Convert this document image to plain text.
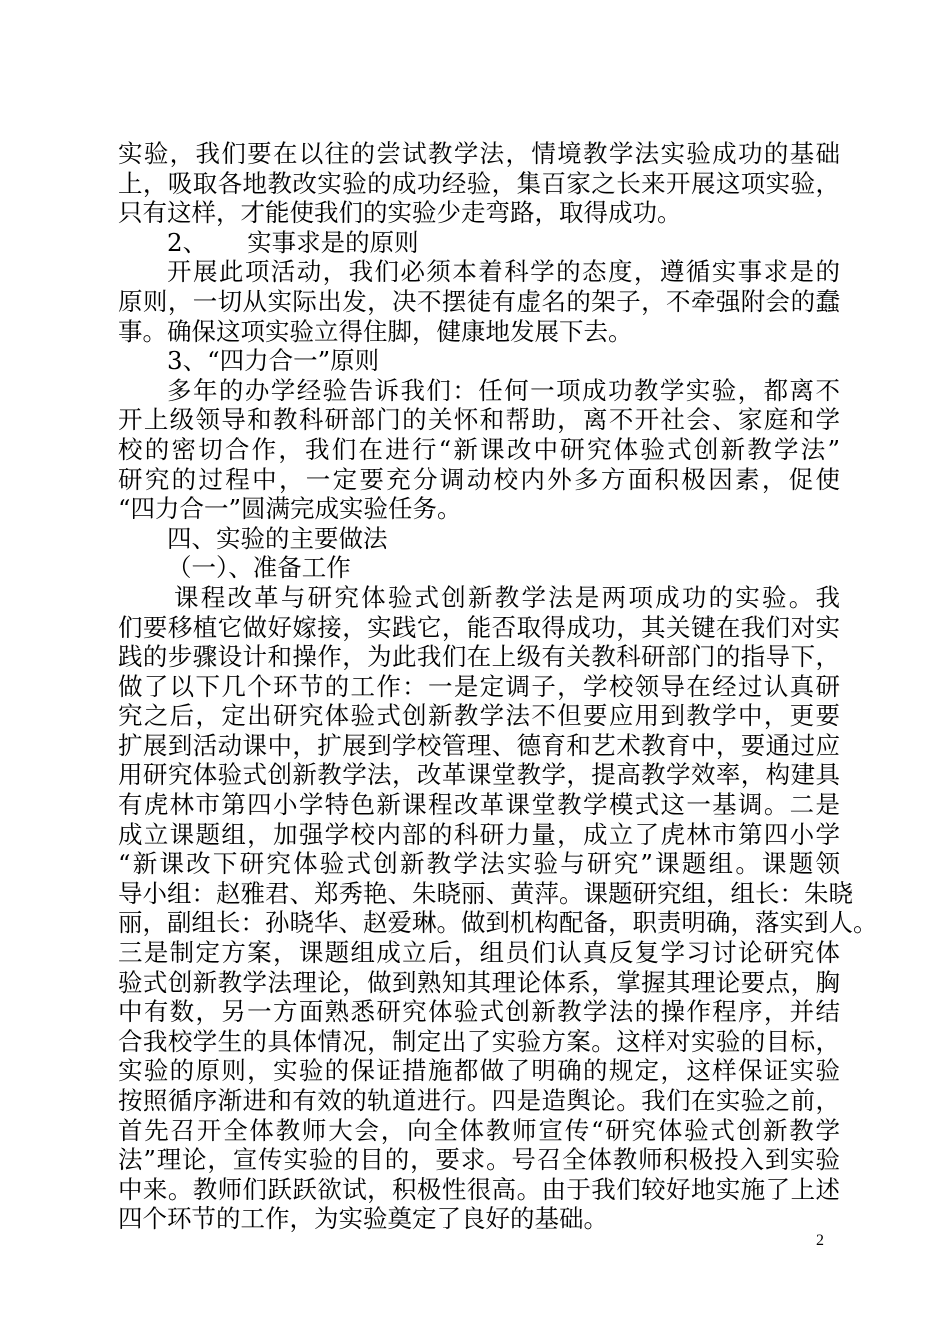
实验，我们要在以往的尝试教学法，情境教学法实验成功的基础
上，吸取各地教改实验的成功经验，集百家之长来开展这项实验，
只有这样，才能使我们的实验少走弯路，取得成功。
2、 实事求是的原则
开展此项活动，我们必须本着科学的态度，遵循实事求是的
原则，一切从实际出发，决不摆徒有虚名的架子，不牵强附会的蠢
事。确保这项实验立得住脚，健康地发展下去。
3、“四力合一”原则
多年的办学经验告诉我们：任何一项成功教学实验，都离不
开上级领导和教科研部门的关怀和帮助，离不开社会、家庭和学
校的密切合作，我们在进行“新课改中研究体验式创新教学法”
研究的过程中，一定要充分调动校内外多方面积极因素，促使
“四力合一”圆满完成实验任务。
四、实验的主要做法
（一）、准备工作
课程改革与研究体验式创新教学法是两项成功的实验。我
们要移植它做好嫁接，实践它，能否取得成功，其关键在我们对实
践的步骤设计和操作，为此我们在上级有关教科研部门的指导下，
做了以下几个环节的工作：一是定调子，学校领导在经过认真研
究之后，定出研究体验式创新教学法不但要应用到教学中，更要
扩展到活动课中，扩展到学校管理、德育和艺术教育中，要通过应
用研究体验式创新教学法，改革课堂教学，提高教学效率，构建具
有虎林市第四小学特色新课程改革课堂教学模式这一基调。二是
成立课题组，加强学校内部的科研力量，成立了虎林市第四小学
“新课改下研究体验式创新教学法实验与研究”课题组。课题领
导小组：赵雅君、郑秀艳、朱晓丽、黄萍。课题研究组，组长：朱晓
丽，副组长：孙晓华、赵爱琳。做到机构配备，职责明确，落实到人。
三是制定方案，课题组成立后，组员们认真反复学习讨论研究体
验式创新教学法理论，做到熟知其理论体系，掌握其理论要点，胸
中有数，另一方面熟悉研究体验式创新教学法的操作程序，并结
合我校学生的具体情况，制定出了实验方案。这样对实验的目标，
实验的原则，实验的保证措施都做了明确的规定，这样保证实验
按照循序渐进和有效的轨道进行。四是造舆论。我们在实验之前，
首先召开全体教师大会，向全体教师宣传“研究体验式创新教学
法”理论，宣传实验的目的，要求。号召全体教师积极投入到实验
中来。教师们跃跃欲试，积极性很高。由于我们较好地实施了上述
四个环节的工作，为实验奠定了良好的基础。
2
